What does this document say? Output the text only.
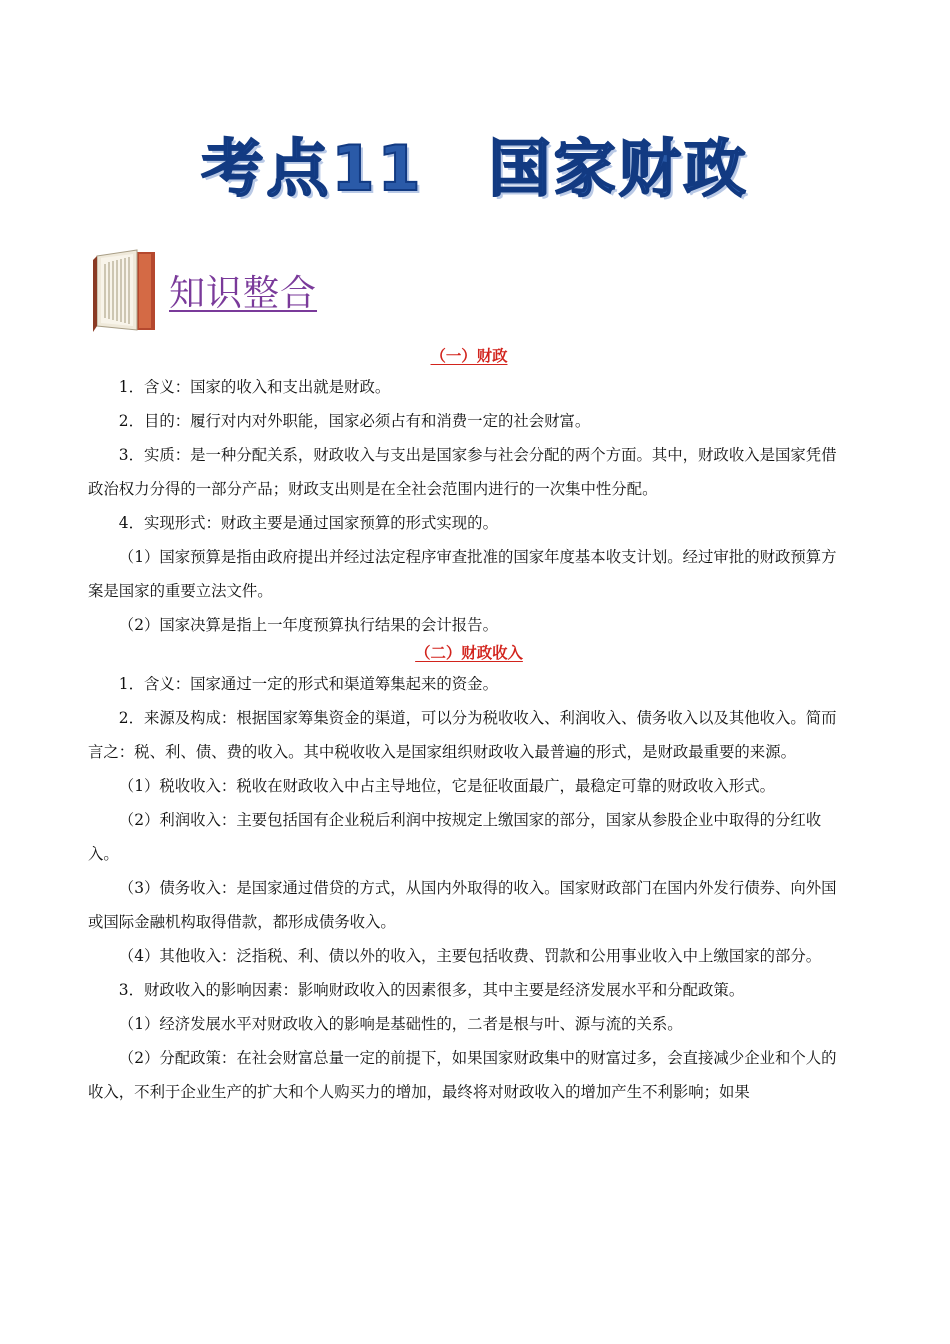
考点11　国家财政
知识整合
（一）财政

1．含义：国家的收入和支出就是财政。

2．目的：履行对内对外职能，国家必须占有和消费一定的社会财富。

3．实质：是一种分配关系，财政收入与支出是国家参与社会分配的两个方面。其中，财政收入是国家凭借政治权力分得的一部分产品；财政支出则是在全社会范围内进行的一次集中性分配。

4．实现形式：财政主要是通过国家预算的形式实现的。

（1）国家预算是指由政府提出并经过法定程序审查批准的国家年度基本收支计划。经过审批的财政预算方案是国家的重要立法文件。

（2）国家决算是指上一年度预算执行结果的会计报告。

（二）财政收入

1．含义：国家通过一定的形式和渠道筹集起来的资金。

2．来源及构成：根据国家筹集资金的渠道，可以分为税收收入、利润收入、债务收入以及其他收入。简而言之：税、利、债、费的收入。其中税收收入是国家组织财政收入最普遍的形式，是财政最重要的来源。

（1）税收收入：税收在财政收入中占主导地位，它是征收面最广，最稳定可靠的财政收入形式。

（2）利润收入：主要包括国有企业税后利润中按规定上缴国家的部分，国家从参股企业中取得的分红收入。

（3）债务收入：是国家通过借贷的方式，从国内外取得的收入。国家财政部门在国内外发行债券、向外国或国际金融机构取得借款，都形成债务收入。

（4）其他收入：泛指税、利、债以外的收入，主要包括收费、罚款和公用事业收入中上缴国家的部分。

3．财政收入的影响因素：影响财政收入的因素很多，其中主要是经济发展水平和分配政策。

（1）经济发展水平对财政收入的影响是基础性的，二者是根与叶、源与流的关系。

（2）分配政策：在社会财富总量一定的前提下，如果国家财政集中的财富过多，会直接减少企业和个人的收入，不利于企业生产的扩大和个人购买力的增加，最终将对财政收入的增加产生不利影响；如果
